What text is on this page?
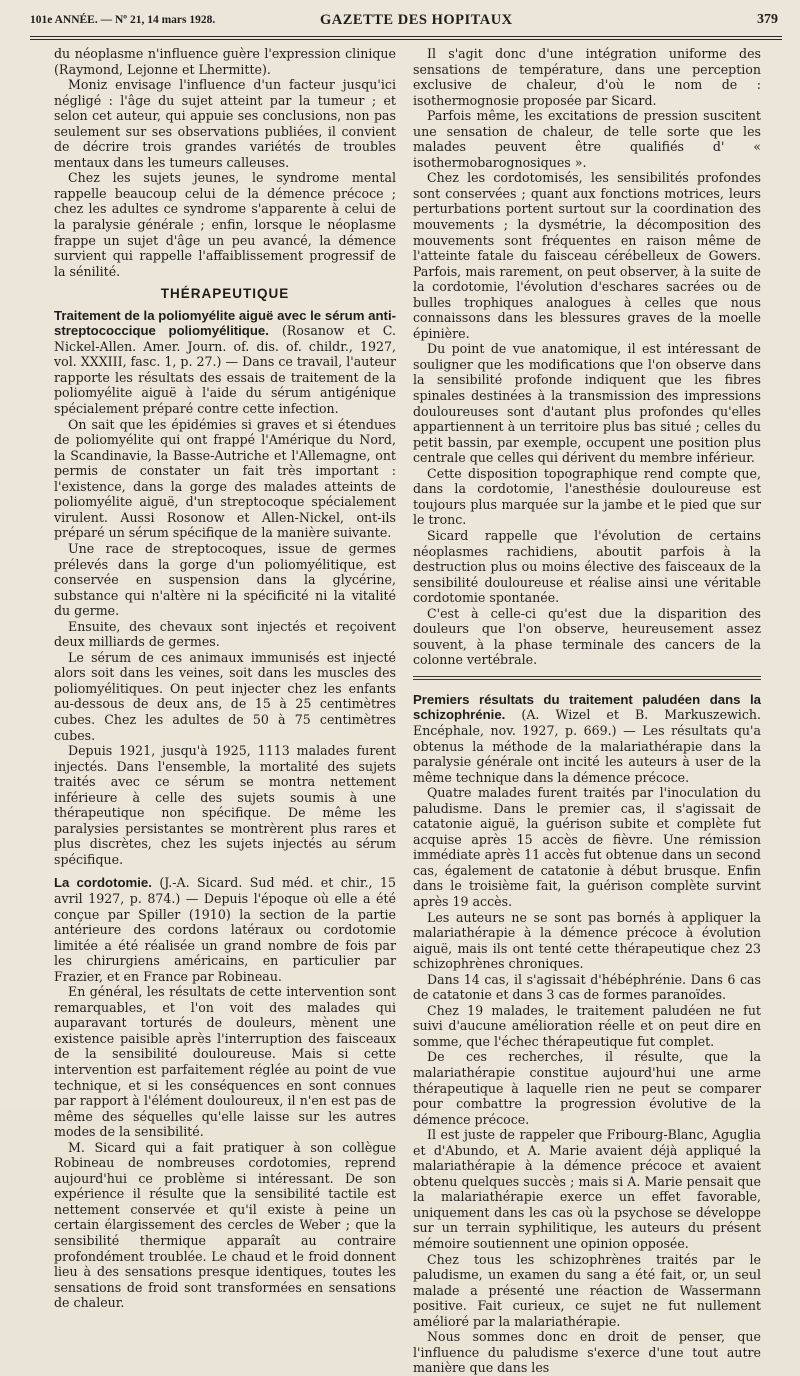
101e ANNÉE. — Nº 21, 14 mars 1928.	GAZETTE DES HOPITAUX	379

du néoplasme n'influence guère l'expression clinique (Raymond, Lejonne et Lhermitte).

Moniz envisage l'influence d'un facteur jusqu'ici négligé : l'âge du sujet atteint par la tumeur ; et selon cet auteur, qui appuie ses conclusions, non pas seulement sur ses observations publiées, il convient de décrire trois grandes variétés de troubles mentaux dans les tumeurs calleuses.

Chez les sujets jeunes, le syndrome mental rappelle beaucoup celui de la démence précoce ; chez les adultes ce syndrome s'apparente à celui de la paralysie générale ; enfin, lorsque le néoplasme frappe un sujet d'âge un peu avancé, la démence survient qui rappelle l'affaiblissement progressif de la sénilité.

THÉRAPEUTIQUE

Traitement de la poliomyélite aiguë avec le sérum anti-streptococcique poliomyélitique. (Rosanow et C. Nickel-Allen. Amer. Journ. of. dis. of. childr., 1927, vol. XXXIII, fasc. 1, p. 27.) — Dans ce travail, l'auteur rapporte les résultats des essais de traitement de la poliomyélite aiguë à l'aide du sérum antigénique spécialement préparé contre cette infection.

On sait que les épidémies si graves et si étendues de poliomyélite qui ont frappé l'Amérique du Nord, la Scandinavie, la Basse-Autriche et l'Allemagne, ont permis de constater un fait très important : l'existence, dans la gorge des malades atteints de poliomyélite aiguë, d'un streptocoque spécialement virulent. Aussi Rosonow et Allen-Nickel, ont-ils préparé un sérum spécifique de la manière suivante.

Une race de streptocoques, issue de germes prélevés dans la gorge d'un poliomyélitique, est conservée en suspension dans la glycérine, substance qui n'altère ni la spécificité ni la vitalité du germe.

Ensuite, des chevaux sont injectés et reçoivent deux milliards de germes.

Le sérum de ces animaux immunisés est injecté alors soit dans les veines, soit dans les muscles des poliomyélitiques. On peut injecter chez les enfants au-dessous de deux ans, de 15 à 25 centimètres cubes. Chez les adultes de 50 à 75 centimètres cubes.

Depuis 1921, jusqu'à 1925, 1113 malades furent injectés. Dans l'ensemble, la mortalité des sujets traités avec ce sérum se montra nettement inférieure à celle des sujets soumis à une thérapeutique non spécifique. De même les paralysies persistantes se montrèrent plus rares et plus discrètes, chez les sujets injectés au sérum spécifique.

La cordotomie. (J.-A. Sicard. Sud méd. et chir., 15 avril 1927, p. 874.) — Depuis l'époque où elle a été conçue par Spiller (1910) la section de la partie antérieure des cordons latéraux ou cordotomie limitée a été réalisée un grand nombre de fois par les chirurgiens américains, en particulier par Frazier, et en France par Robineau.

En général, les résultats de cette intervention sont remarquables, et l'on voit des malades qui auparavant torturés de douleurs, mènent une existence paisible après l'interruption des faisceaux de la sensibilité douloureuse. Mais si cette intervention est parfaitement réglée au point de vue technique, et si les conséquences en sont connues par rapport à l'élément douloureux, il n'en est pas de même des séquelles qu'elle laisse sur les autres modes de la sensibilité.

M. Sicard qui a fait pratiquer à son collègue Robineau de nombreuses cordotomies, reprend aujourd'hui ce problème si intéressant. De son expérience il résulte que la sensibilité tactile est nettement conservée et qu'il existe à peine un certain élargissement des cercles de Weber ; que la sensibilité thermique apparaît au contraire profondément troublée. Le chaud et le froid donnent lieu à des sensations presque identiques, toutes les sensations de froid sont transformées en sensations de chaleur.

Il s'agit donc d'une intégration uniforme des sensations de température, dans une perception exclusive de chaleur, d'où le nom de : isothermognosie proposée par Sicard.

Parfois même, les excitations de pression suscitent une sensation de chaleur, de telle sorte que les malades peuvent être qualifiés d' « isothermobarognosiques ».

Chez les cordotomisés, les sensibilités profondes sont conservées ; quant aux fonctions motrices, leurs perturbations portent surtout sur la coordination des mouvements ; la dysmétrie, la décomposition des mouvements sont fréquentes en raison même de l'atteinte fatale du faisceau cérébelleux de Gowers. Parfois, mais rarement, on peut observer, à la suite de la cordotomie, l'évolution d'eschares sacrées ou de bulles trophiques analogues à celles que nous connaissons dans les blessures graves de la moelle épinière.

Du point de vue anatomique, il est intéressant de souligner que les modifications que l'on observe dans la sensibilité profonde indiquent que les fibres spinales destinées à la transmission des impressions douloureuses sont d'autant plus profondes qu'elles appartiennent à un territoire plus bas situé ; celles du petit bassin, par exemple, occupent une position plus centrale que celles qui dérivent du membre inférieur.

Cette disposition topographique rend compte que, dans la cordotomie, l'anesthésie douloureuse est toujours plus marquée sur la jambe et le pied que sur le tronc.

Sicard rappelle que l'évolution de certains néoplasmes rachidiens, aboutit parfois à la destruction plus ou moins élective des faisceaux de la sensibilité douloureuse et réalise ainsi une véritable cordotomie spontanée.

C'est à celle-ci qu'est due la disparition des douleurs que l'on observe, heureusement assez souvent, à la phase terminale des cancers de la colonne vertébrale.

Premiers résultats du traitement paludéen dans la schizophrénie. (A. Wizel et B. Markuszewich. Encéphale, nov. 1927, p. 669.) — Les résultats qu'a obtenus la méthode de la malariathérapie dans la paralysie générale ont incité les auteurs à user de la même technique dans la démence précoce.

Quatre malades furent traités par l'inoculation du paludisme. Dans le premier cas, il s'agissait de catatonie aiguë, la guérison subite et complète fut acquise après 15 accès de fièvre. Une rémission immédiate après 11 accès fut obtenue dans un second cas, également de catatonie à début brusque. Enfin dans le troisième fait, la guérison complète survint après 19 accès.

Les auteurs ne se sont pas bornés à appliquer la malariathérapie à la démence précoce à évolution aiguë, mais ils ont tenté cette thérapeutique chez 23 schizophrènes chroniques.

Dans 14 cas, il s'agissait d'hébéphrénie. Dans 6 cas de catatonie et dans 3 cas de formes paranoïdes.

Chez 19 malades, le traitement paludéen ne fut suivi d'aucune amélioration réelle et on peut dire en somme, que l'échec thérapeutique fut complet.

De ces recherches, il résulte, que la malariathérapie constitue aujourd'hui une arme thérapeutique à laquelle rien ne peut se comparer pour combattre la progression évolutive de la démence précoce.

Il est juste de rappeler que Fribourg-Blanc, Aguglia et d'Abundo, et A. Marie avaient déjà appliqué la malariathérapie à la démence précoce et avaient obtenu quelques succès ; mais si A. Marie pensait que la malariathérapie exerce un effet favorable, uniquement dans les cas où la psychose se développe sur un terrain syphilitique, les auteurs du présent mémoire soutiennent une opinion opposée.

Chez tous les schizophrènes traités par le paludisme, un examen du sang a été fait, or, un seul malade a présenté une réaction de Wassermann positive. Fait curieux, ce sujet ne fut nullement amélioré par la malariathérapie.

Nous sommes donc en droit de penser, que l'influence du paludisme s'exerce d'une tout autre manière que dans les
